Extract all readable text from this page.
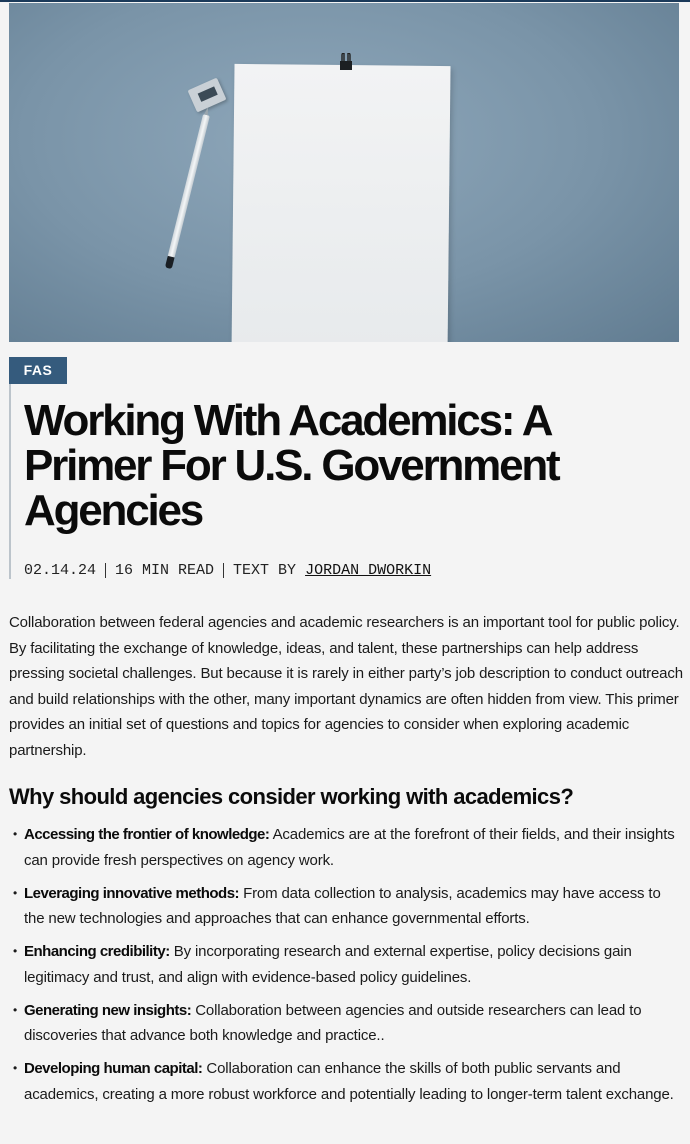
FAS
Working With Academics: A Primer For U.S. Government Agencies
02.14.24 16 MIN READ TEXT BY JORDAN DWORKIN

Collaboration between federal agencies and academic researchers is an important tool for public policy. By facilitating the exchange of knowledge, ideas, and talent, these partnerships can help address pressing societal challenges. But because it is rarely in either party’s job description to conduct outreach and build relationships with the other, many important dynamics are often hidden from view. This primer provides an initial set of questions and topics for agencies to consider when exploring academic partnership.

Why should agencies consider working with academics?
• Accessing the frontier of knowledge: Academics are at the forefront of their fields, and their insights can provide fresh perspectives on agency work.
• Leveraging innovative methods: From data collection to analysis, academics may have access to the new technologies and approaches that can enhance governmental efforts.
• Enhancing credibility: By incorporating research and external expertise, policy decisions gain legitimacy and trust, and align with evidence-based policy guidelines.
• Generating new insights: Collaboration between agencies and outside researchers can lead to discoveries that advance both knowledge and practice..
• Developing human capital: Collaboration can enhance the skills of both public servants and academics, creating a more robust workforce and potentially leading to longer-term talent exchange.
